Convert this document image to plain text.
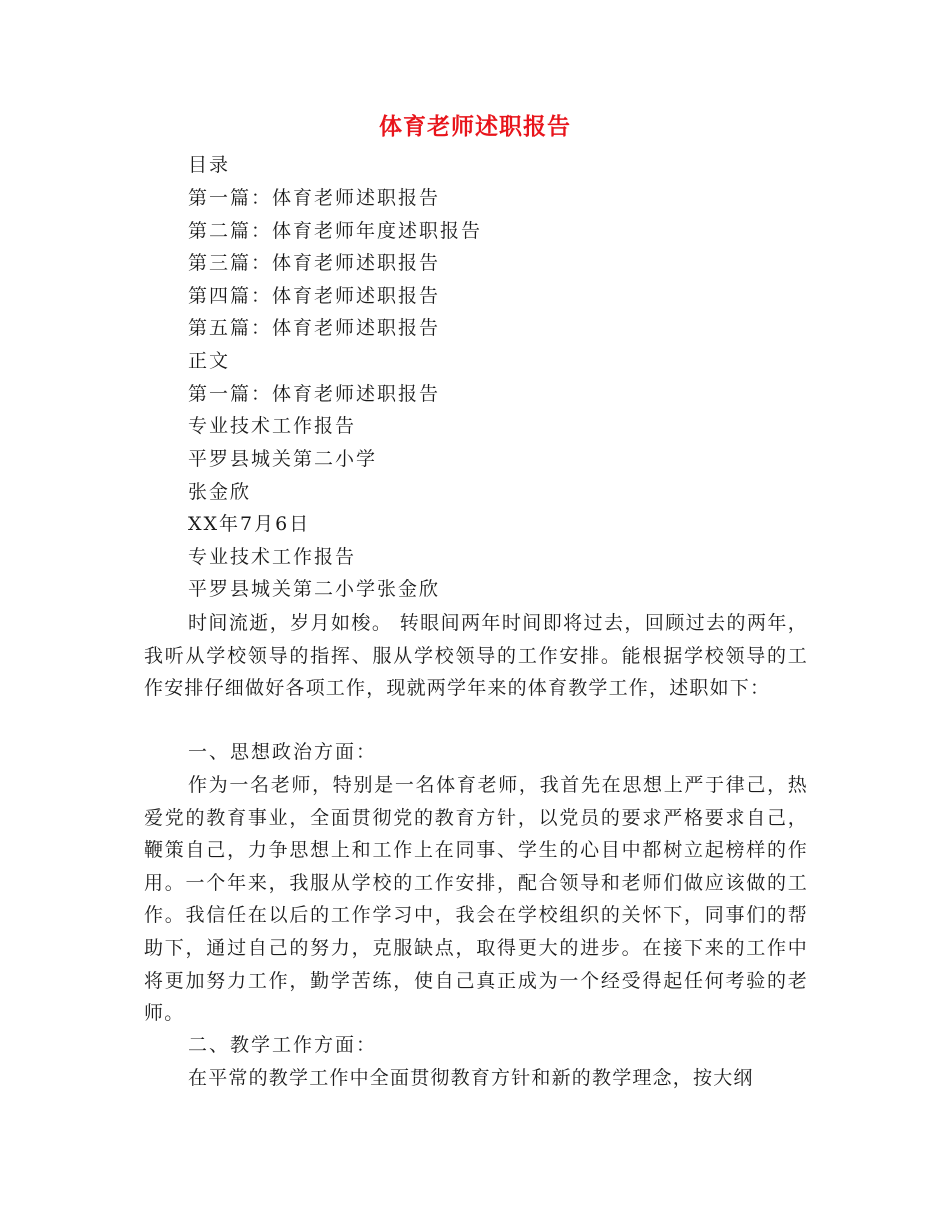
体育老师述职报告
目录
第一篇：体育老师述职报告
第二篇：体育老师年度述职报告
第三篇：体育老师述职报告
第四篇：体育老师述职报告
第五篇：体育老师述职报告
正文
第一篇：体育老师述职报告
专业技术工作报告
平罗县城关第二小学
张金欣
XX年7月6日
专业技术工作报告
平罗县城关第二小学张金欣

时间流逝，岁月如梭。 转眼间两年时间即将过去，回顾过去的两年，我听从学校领导的指挥、服从学校领导的工作安排。能根据学校领导的工作安排仔细做好各项工作，现就两学年来的体育教学工作，述职如下：

一、思想政治方面：

作为一名老师，特别是一名体育老师，我首先在思想上严于律己，热爱党的教育事业，全面贯彻党的教育方针，以党员的要求严格要求自己，鞭策自己，力争思想上和工作上在同事、学生的心目中都树立起榜样的作用。一个年来，我服从学校的工作安排，配合领导和老师们做应该做的工作。我信任在以后的工作学习中，我会在学校组织的关怀下，同事们的帮助下，通过自己的努力，克服缺点，取得更大的进步。在接下来的工作中将更加努力工作，勤学苦练，使自己真正成为一个经受得起任何考验的老师。

二、教学工作方面：

在平常的教学工作中全面贯彻教育方针和新的教学理念，按大纲
